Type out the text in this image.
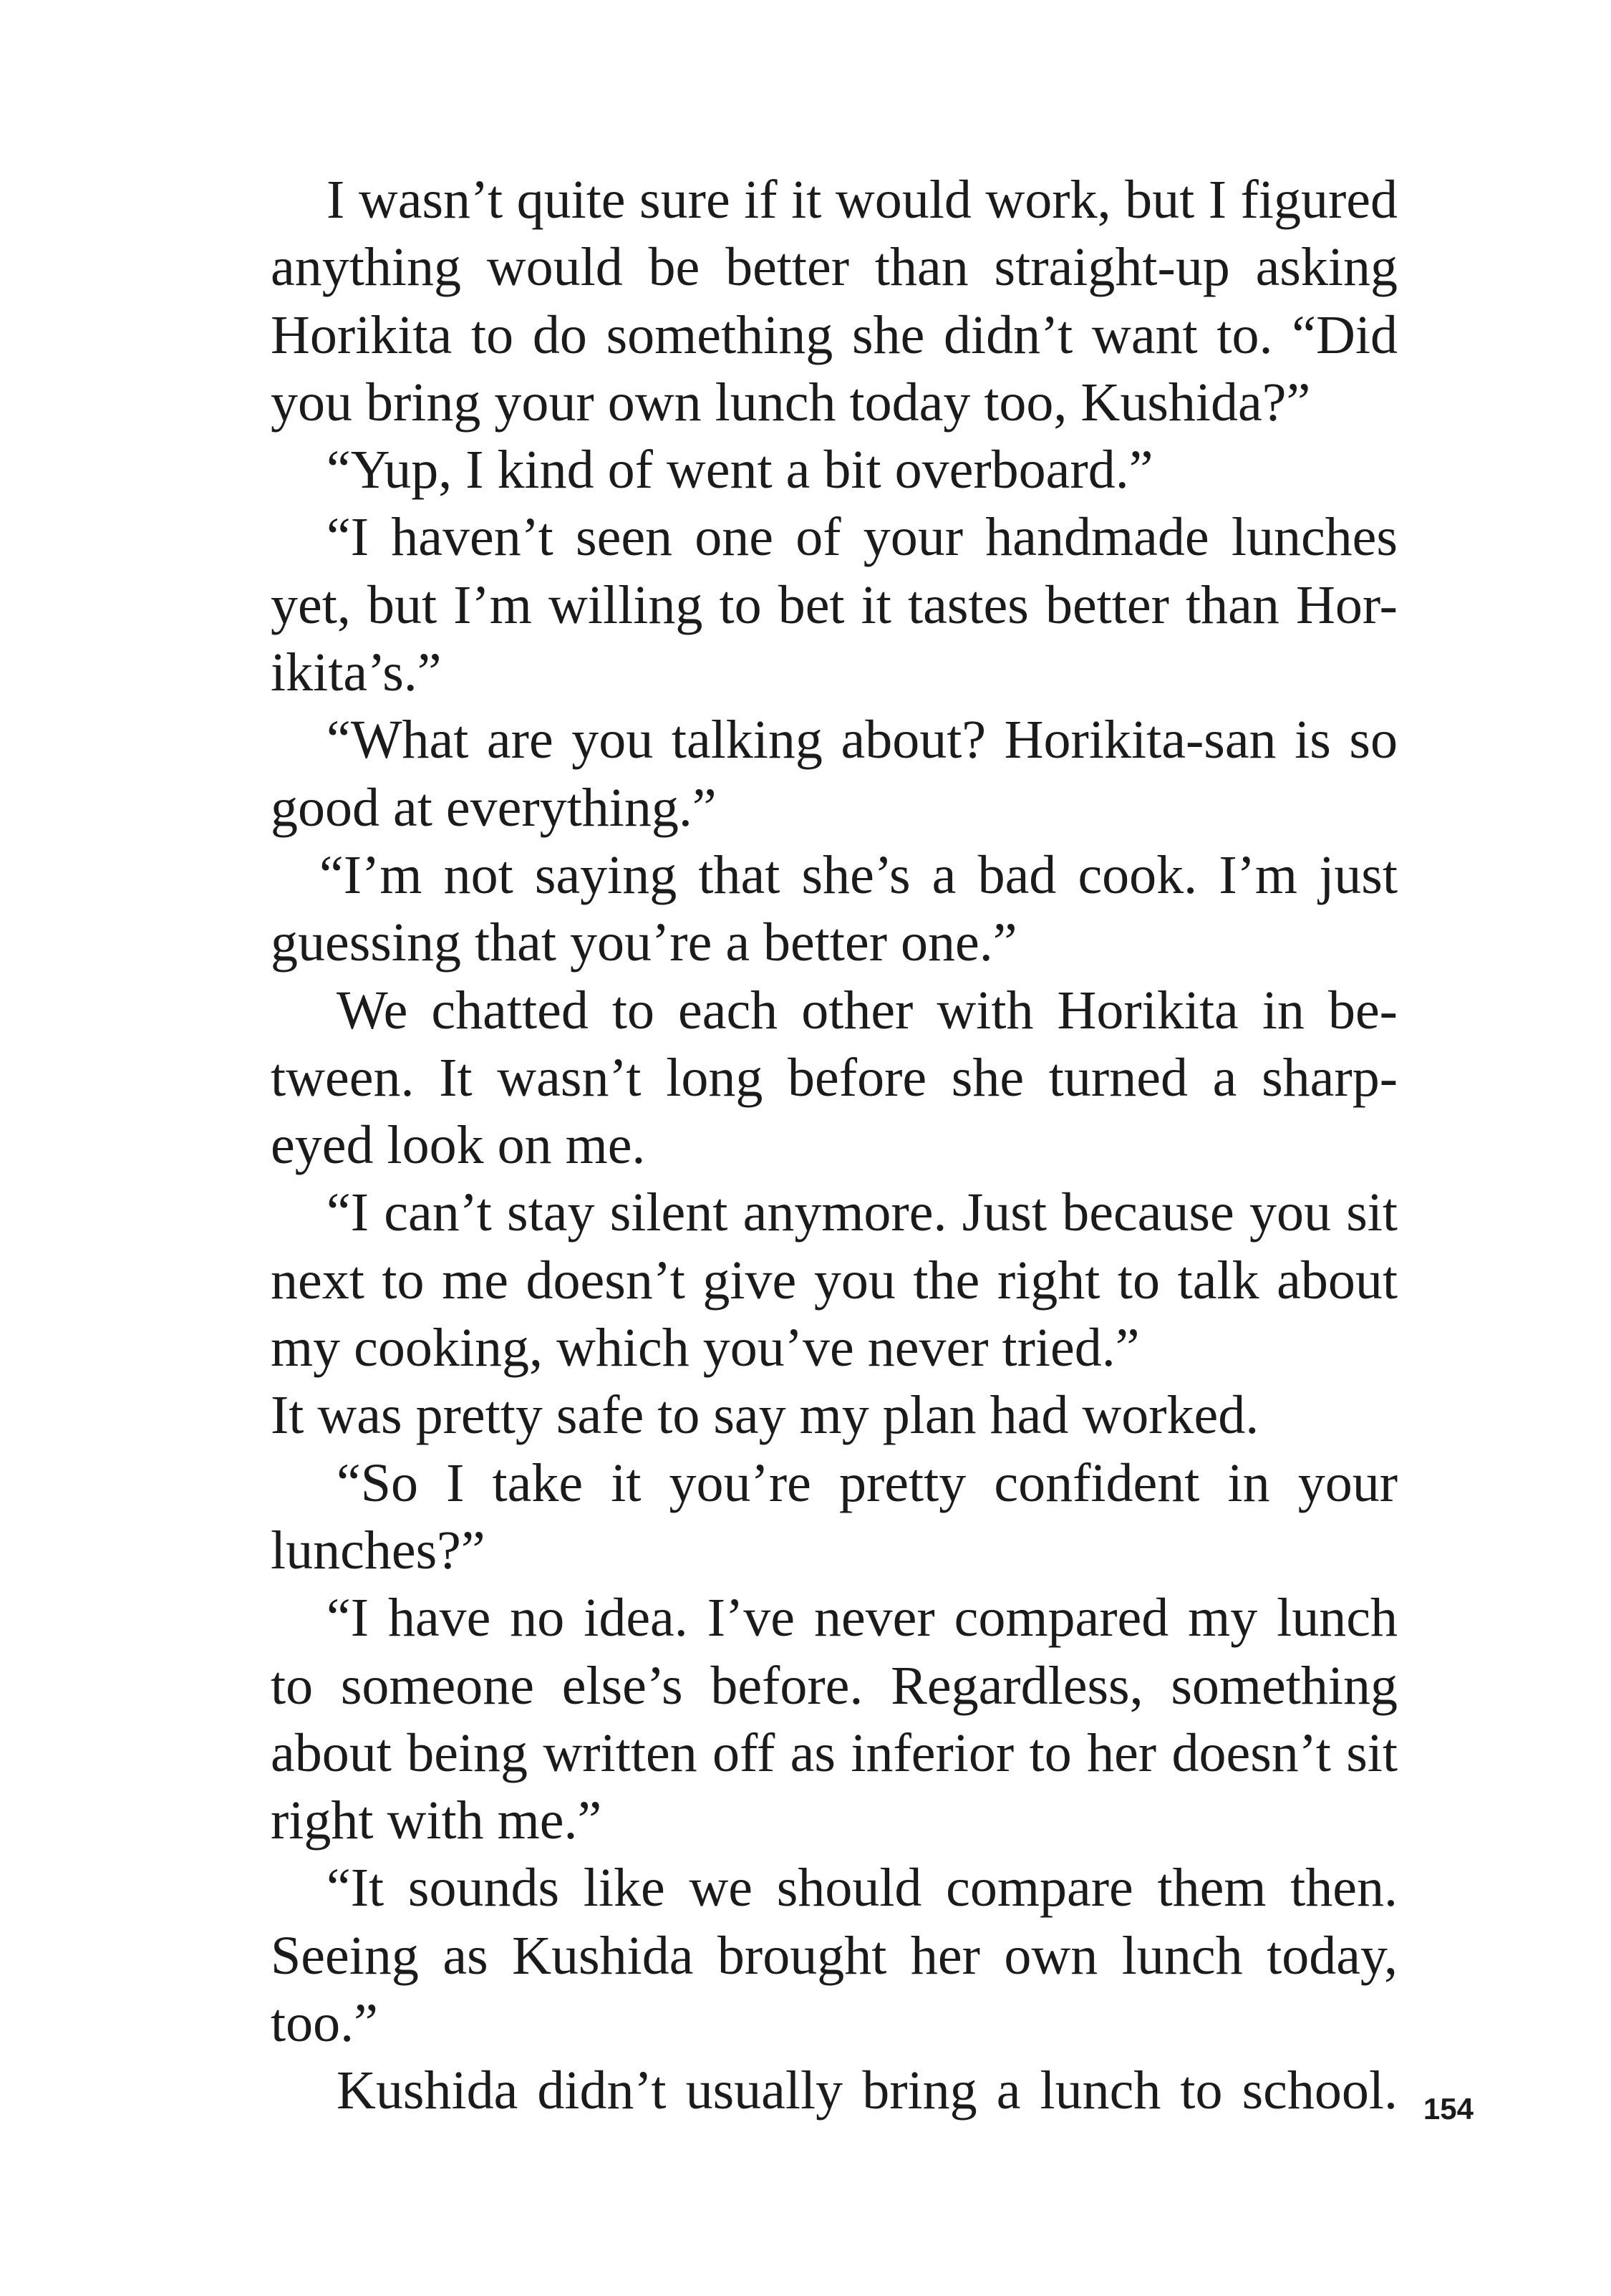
I wasn’t quite sure if it would work, but I figured
anything would be better than straight-up asking
Horikita to do something she didn’t want to. “Did
you bring your own lunch today too, Kushida?”
“Yup, I kind of went a bit overboard.”
“I haven’t seen one of your handmade lunches
yet, but I’m willing to bet it tastes better than Hor-
ikita’s.”
“What are you talking about? Horikita-san is so
good at everything.”
“I’m not saying that she’s a bad cook. I’m just
guessing that you’re a better one.”
We chatted to each other with Horikita in be-
tween. It wasn’t long before she turned a sharp-
eyed look on me.
“I can’t stay silent anymore. Just because you sit
next to me doesn’t give you the right to talk about
my cooking, which you’ve never tried.”
It was pretty safe to say my plan had worked.
“So I take it you’re pretty confident in your
lunches?”
“I have no idea. I’ve never compared my lunch
to someone else’s before. Regardless, something
about being written off as inferior to her doesn’t sit
right with me.”
“It sounds like we should compare them then.
Seeing as Kushida brought her own lunch today,
too.”
Kushida didn’t usually bring a lunch to school. 154
